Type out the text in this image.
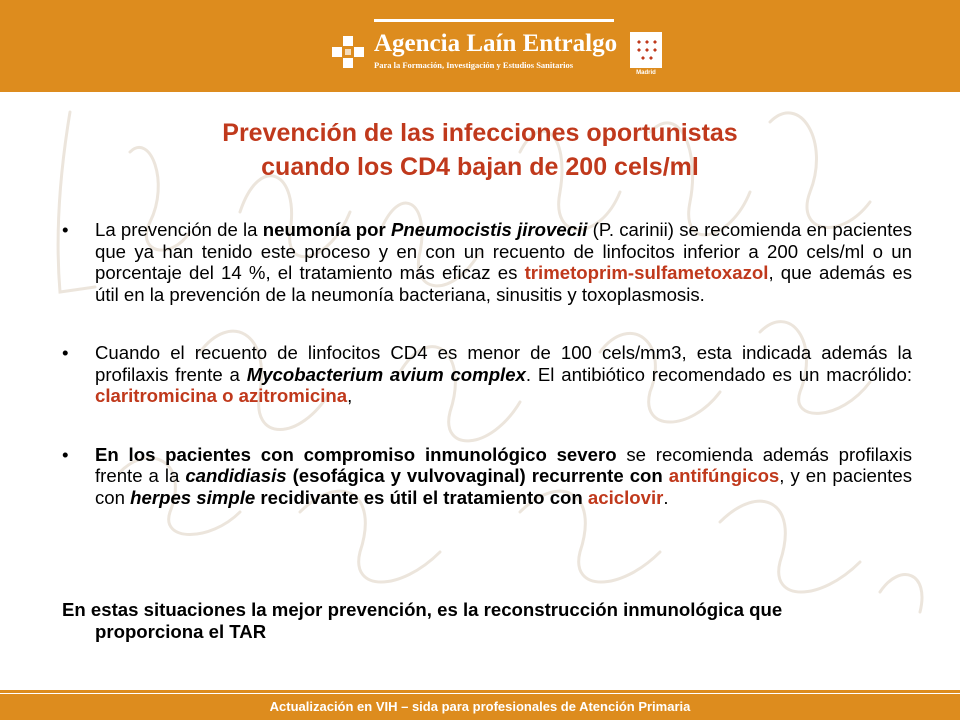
Agencia Laín Entralgo
Para la Formación, Investigación y Estudios Sanitarios
Madrid
Prevención de las infecciones oportunistas
cuando los CD4 bajan de 200 cels/ml
• La prevención de la neumonía por Pneumocistis jirovecii (P. carinii) se recomienda en pacientes que ya han tenido este proceso y en con un recuento de linfocitos inferior a 200 cels/ml o un porcentaje del 14 %, el tratamiento más eficaz es trimetoprim-sulfametoxazol, que además es útil en la prevención de la neumonía bacteriana, sinusitis y toxoplasmosis.
• Cuando el recuento de linfocitos CD4 es menor de 100 cels/mm3, esta indicada además la profilaxis frente a Mycobacterium avium complex. El antibiótico recomendado es un macrólido: claritromicina o azitromicina,
• En los pacientes con compromiso inmunológico severo se recomienda además profilaxis frente a la candidiasis (esofágica y vulvovaginal) recurrente con antifúngicos, y en pacientes con herpes simple recidivante es útil el tratamiento con aciclovir.
En estas situaciones la mejor prevención, es la reconstrucción inmunológica que proporciona el TAR
Actualización en VIH – sida para profesionales de Atención Primaria
